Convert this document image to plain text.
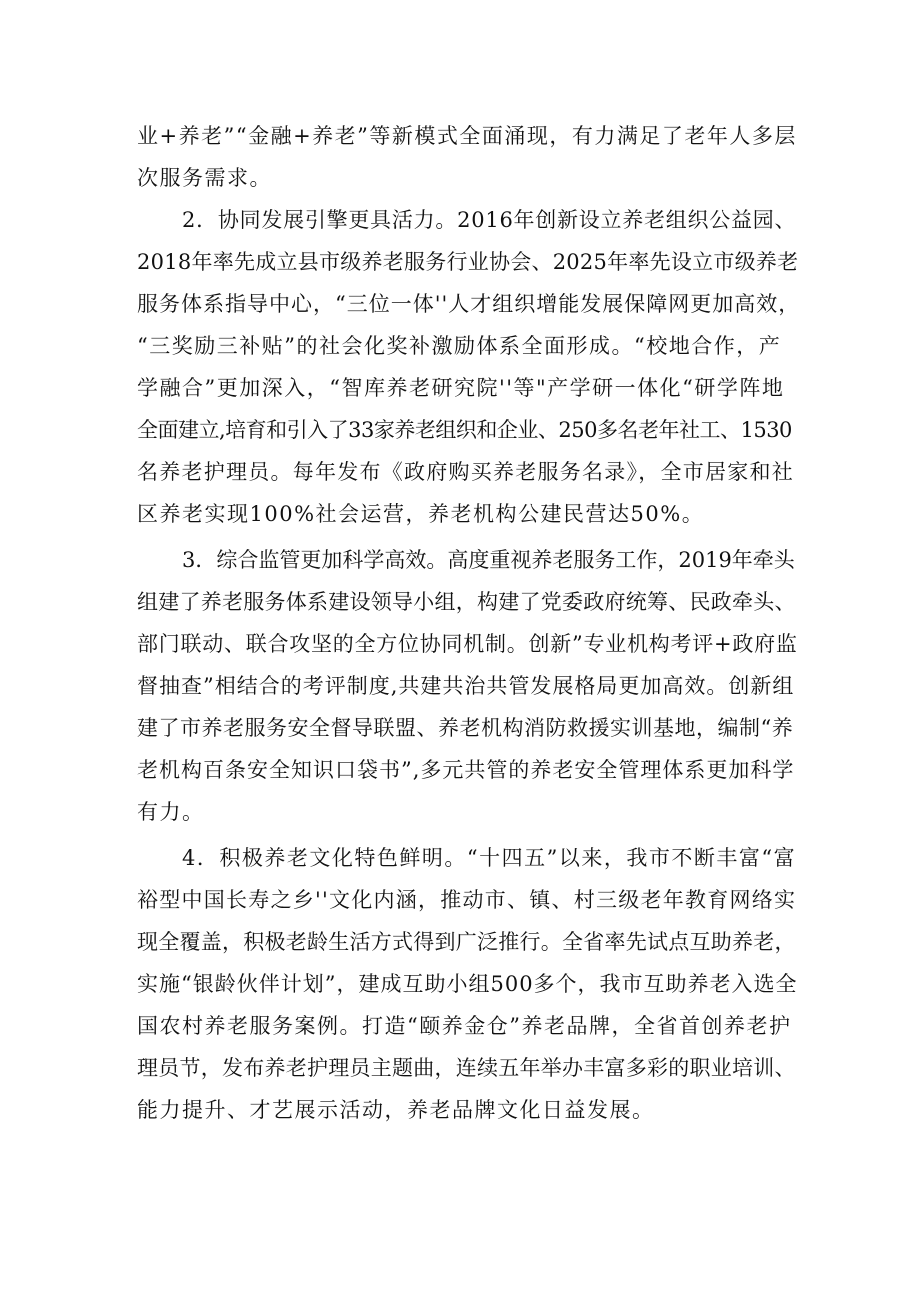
业+养老”“金融+养老”等新模式全面涌现，有力满足了老年人多层
次服务需求。
2．协同发展引擎更具活力。2016年创新设立养老组织公益园、
2018年率先成立县市级养老服务行业协会、2025年率先设立市级养老
服务体系指导中心，“三位一体''人才组织增能发展保障网更加高效，
“三奖励三补贴”的社会化奖补激励体系全面形成。“校地合作，产
学融合”更加深入，“智库养老研究院''等"产学研一体化“研学阵地
全面建立,培育和引入了33家养老组织和企业、250多名老年社工、1530
名养老护理员。每年发布《政府购买养老服务名录》，全市居家和社
区养老实现100%社会运营，养老机构公建民营达50%。
3．综合监管更加科学高效。高度重视养老服务工作，2019年牵头
组建了养老服务体系建设领导小组，构建了党委政府统筹、民政牵头、
部门联动、联合攻坚的全方位协同机制。创新”专业机构考评+政府监
督抽查”相结合的考评制度,共建共治共管发展格局更加高效。创新组
建了市养老服务安全督导联盟、养老机构消防救援实训基地，编制“养
老机构百条安全知识口袋书”,多元共管的养老安全管理体系更加科学
有力。
4．积极养老文化特色鲜明。“十四五”以来，我市不断丰富“富
裕型中国长寿之乡''文化内涵，推动市、镇、村三级老年教育网络实
现全覆盖，积极老龄生活方式得到广泛推行。全省率先试点互助养老，
实施“银龄伙伴计划”，建成互助小组500多个，我市互助养老入选全
国农村养老服务案例。打造“颐养金仓”养老品牌，全省首创养老护
理员节，发布养老护理员主题曲，连续五年举办丰富多彩的职业培训、
能力提升、才艺展示活动，养老品牌文化日益发展。
